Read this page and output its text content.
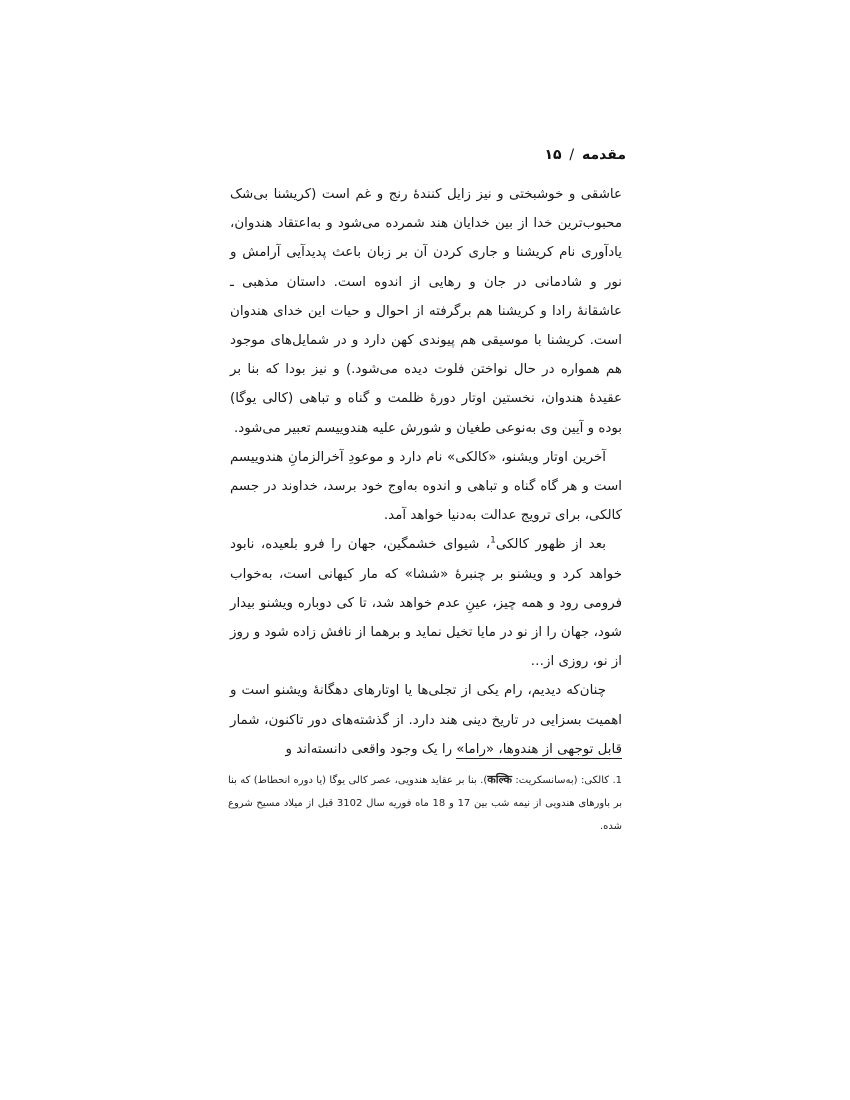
مقدمه / ۱۵

عاشقی و خوشبختی و نیز زایل کنندهٔ رنج و غم است (کریشنا بی‌شک محبوب‌ترین خدا از بین خدایان هند شمرده می‌شود و به‌اعتقاد هندوان، یادآوری نام کریشنا و جاری کردن آن بر زبان باعث پدیدآیی آرامش و نور و شادمانی در جان و رهایی از اندوه است. داستان مذهبی ـ عاشقانهٔ رادا و کریشنا هم برگرفته از احوال و حیات این خدای هندوان است. کریشنا با موسیقی هم پیوندی کهن دارد و در شمایل‌های موجود هم همواره در حال نواختن فلوت دیده می‌شود.) و نیز بودا که بنا بر عقیدهٔ هندوان، نخستین اوتار دورهٔ ظلمت و گناه و تباهی (کالی یوگا) بوده و آیین وی به‌نوعی طغیان و شورش علیه هندوییسم تعبیر می‌شود.

آخرین اوتار ویشنو، «کالکی» نام دارد و موعودِ آخرالزمانِ هندوییسم است و هر گاه گناه و تباهی و اندوه به‌اوج خود برسد، خداوند در جسم کالکی، برای ترویج عدالت به‌دنیا خواهد آمد.

بعد از ظهور کالکی$^1$، شیوای خشمگین، جهان را فرو بلعیده، نابود خواهد کرد و ویشنو بر چنبرهٔ «ششا» که مار کیهانی است، به‌خواب فرومی رود و همه چیز، عینِ عدم خواهد شد، تا کی دوباره ویشنو بیدار شود، جهان را از نو در مایا تخیل نماید و برهما از نافش زاده شود و روز از نو، روزی از…

چنان‌که دیدیم، رام یکی از تجلی‌ها یا اوتارهای دهگانهٔ ویشنو است و اهمیت بسزایی در تاریخ دینی هند دارد. از گذشته‌های دور تاکنون، شمار قابل توجهی از هندوها، «راما» را یک وجود واقعی دانسته‌اند و

1. کالکی: (به‌سانسکریت: कल्कि). بنا بر عقاید هندویی، عصر کالی یوگا (یا دوره انحطاط) که بنا بر باورهای هندویی از نیمه شب بین 17 و 18 ماه فوریه سال 3102 قبل از میلاد مسیح شروع شده.
